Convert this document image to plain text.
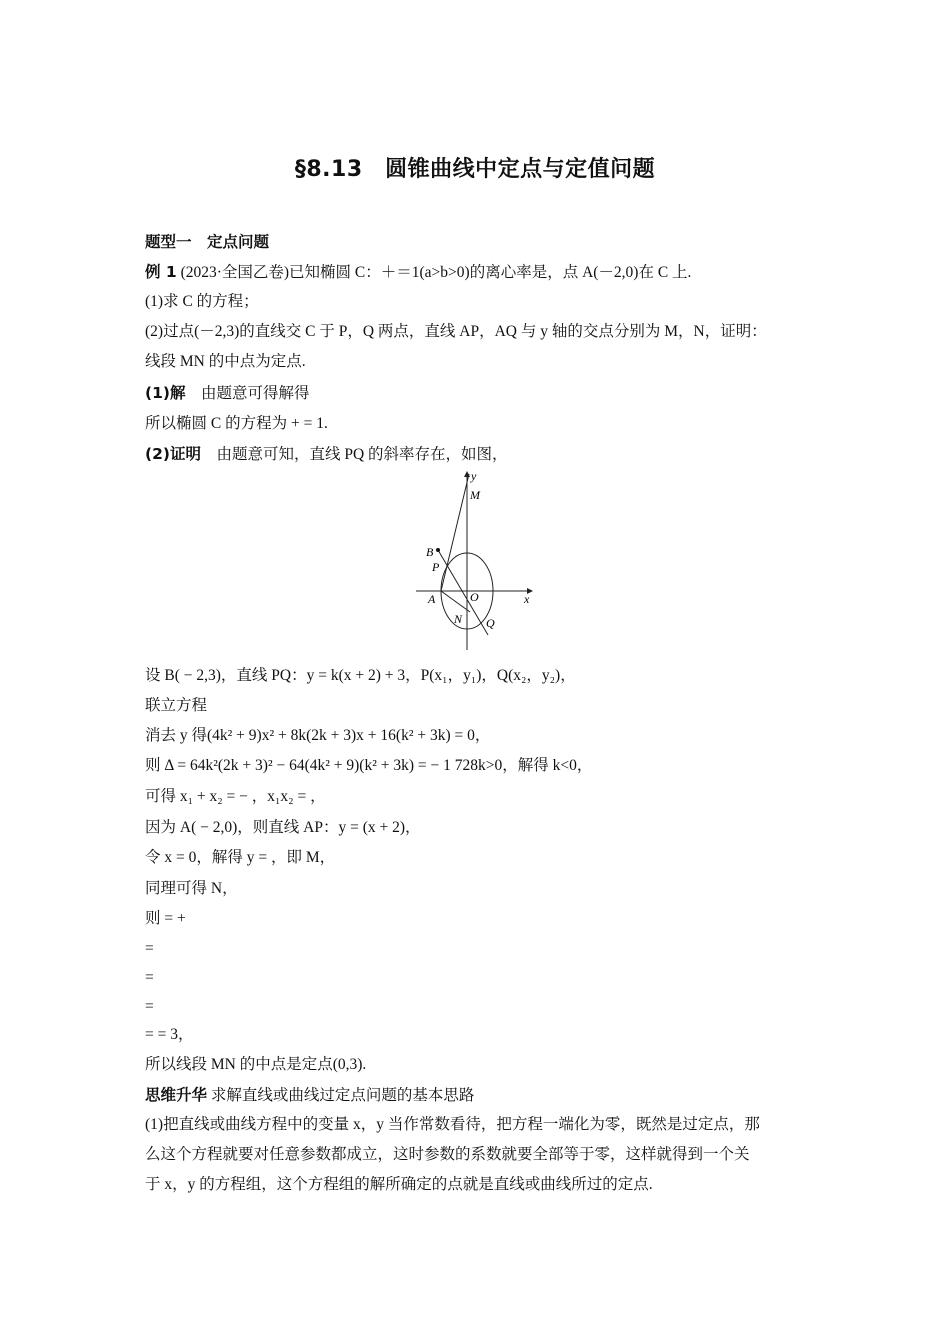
§8.13　圆锥曲线中定点与定值问题
题型一　定点问题
例 1 (2023·全国乙卷)已知椭圆 C：＋＝1(a>b>0)的离心率是，点 A(－2,0)在 C 上.
(1)求 C 的方程；
(2)过点(－2,3)的直线交 C 于 P，Q 两点，直线 AP，AQ 与 y 轴的交点分别为 M，N，证明：
线段 MN 的中点为定点.
(1)解　由题意可得解得
所以椭圆 C 的方程为 + = 1.
(2)证明　由题意可知，直线 PQ 的斜率存在，如图，
y
x
M
B
P
A	O
N Q
设 B( − 2,3)，直线 PQ：y = k(x + 2) + 3，P(x₁，y₁)，Q(x₂，y₂)，
联立方程
消去 y 得(4k² + 9)x² + 8k(2k + 3)x + 16(k² + 3k) = 0，
则 Δ = 64k²(2k + 3)² − 64(4k² + 9)(k² + 3k) = − 1 728k>0，解得 k<0，
可得 x₁ + x₂ = − ，x₁x₂ = ，
因为 A( − 2,0)，则直线 AP：y = (x + 2)，
令 x = 0，解得 y = ，即 M，
同理可得 N，
则 = +
=
=
=
= = 3，
所以线段 MN 的中点是定点(0,3).
思维升华 求解直线或曲线过定点问题的基本思路
(1)把直线或曲线方程中的变量 x，y 当作常数看待，把方程一端化为零，既然是过定点，那
么这个方程就要对任意参数都成立，这时参数的系数就要全部等于零，这样就得到一个关
于 x，y 的方程组，这个方程组的解所确定的点就是直线或曲线所过的定点.
